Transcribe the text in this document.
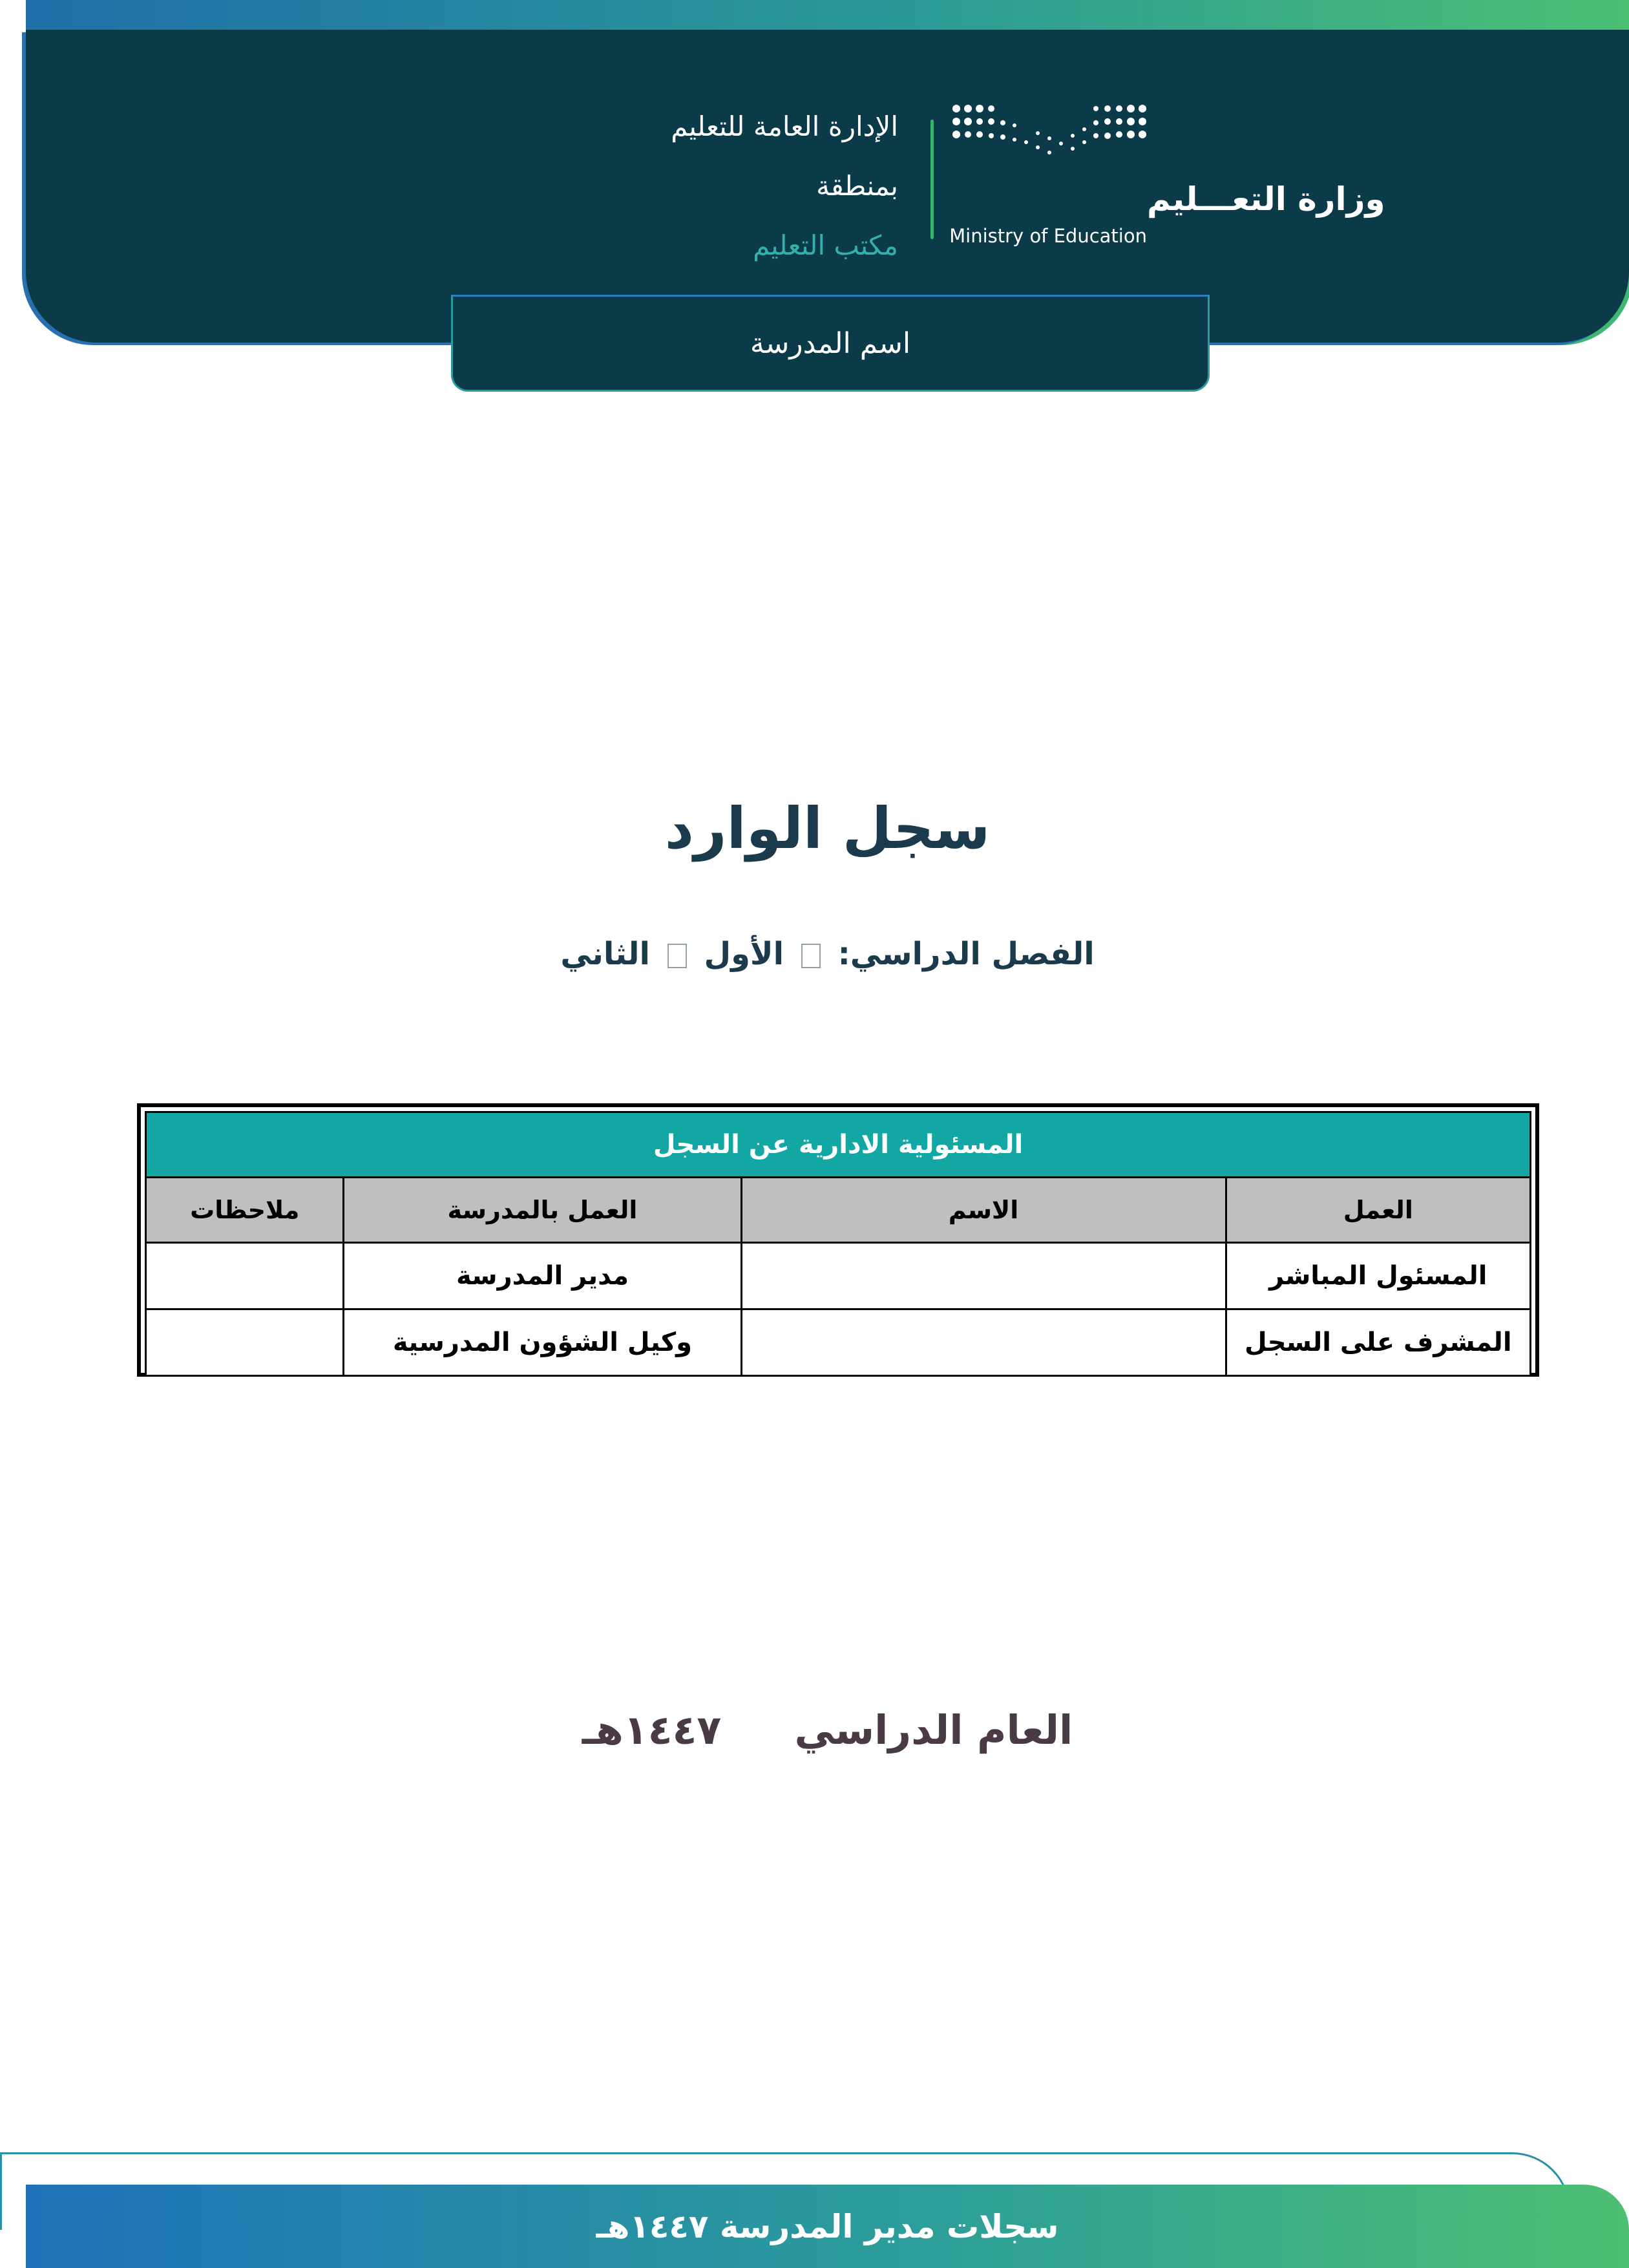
وزارة التعـــليم
Ministry of Education
الإدارة العامة للتعليم
بمنطقة
مكتب التعليم
اسم المدرسة
سجل الوارد
الفصل الدراسي:  الأول  الثاني
المسئولية الادارية عن السجل			
العمل	الاسم	العمل بالمدرسة	ملاحظات
المسئول المباشر		مدير المدرسة	
المشرف على السجل		وكيل الشؤون المدرسية	
العام الدراسي  ١٤٤٧هـ
سجلات مدير المدرسة ١٤٤٧هـ
